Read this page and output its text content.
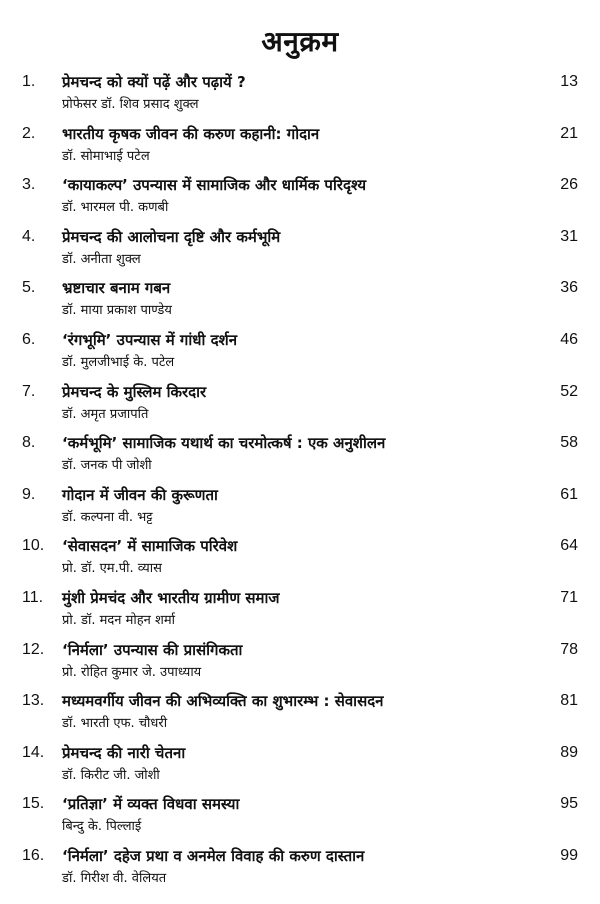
अनुक्रम
1. प्रेमचन्द को क्यों पढ़ें और पढ़ायें ?	13
प्रोफेसर डॉ. शिव प्रसाद शुक्ल
2. भारतीय कृषक जीवन की करुण कहानी: गोदान	21
डॉ. सोमाभाई पटेल
3. ‘कायाकल्प’ उपन्यास में सामाजिक और धार्मिक परिदृश्य	26
डॉ. भारमल पी. कणबी
4. प्रेमचन्द की आलोचना दृष्टि और कर्मभूमि	31
डॉ. अनीता शुक्ल
5. भ्रष्टाचार बनाम गबन	36
डॉ. माया प्रकाश पाण्डेय
6. ‘रंगभूमि’ उपन्यास में गांधी दर्शन	46
डॉ. मुलजीभाई के. पटेल
7. प्रेमचन्द के मुस्लिम किरदार	52
डॉ. अमृत प्रजापति
8. ‘कर्मभूमि’ सामाजिक यथार्थ का चरमोत्कर्ष : एक अनुशीलन	58
डॉ. जनक पी जोशी
9. गोदान में जीवन की कुरूणता	61
डॉ. कल्पना वी. भट्ट
10. ‘सेवासदन’ में सामाजिक परिवेश	64
प्रो. डॉ. एम.पी. व्यास
11. मुंशी प्रेमचंद और भारतीय ग्रामीण समाज	71
प्रो. डॉ. मदन मोहन शर्मा
12. ‘निर्मला’ उपन्यास की प्रासंगिकता	78
प्रो. रोहित कुमार जे. उपाध्याय
13. मध्यमवर्गीय जीवन की अभिव्यक्ति का शुभारम्भ : सेवासदन	81
डॉ. भारती एफ. चौधरी
14. प्रेमचन्द की नारी चेतना	89
डॉ. किरीट जी. जोशी
15. ‘प्रतिज्ञा’ में व्यक्त विधवा समस्या	95
बिन्दु के. पिल्लाई
16. ‘निर्मला’ दहेज प्रथा व अनमेल विवाह की करुण दास्तान	99
डॉ. गिरीश वी. वेलियत
